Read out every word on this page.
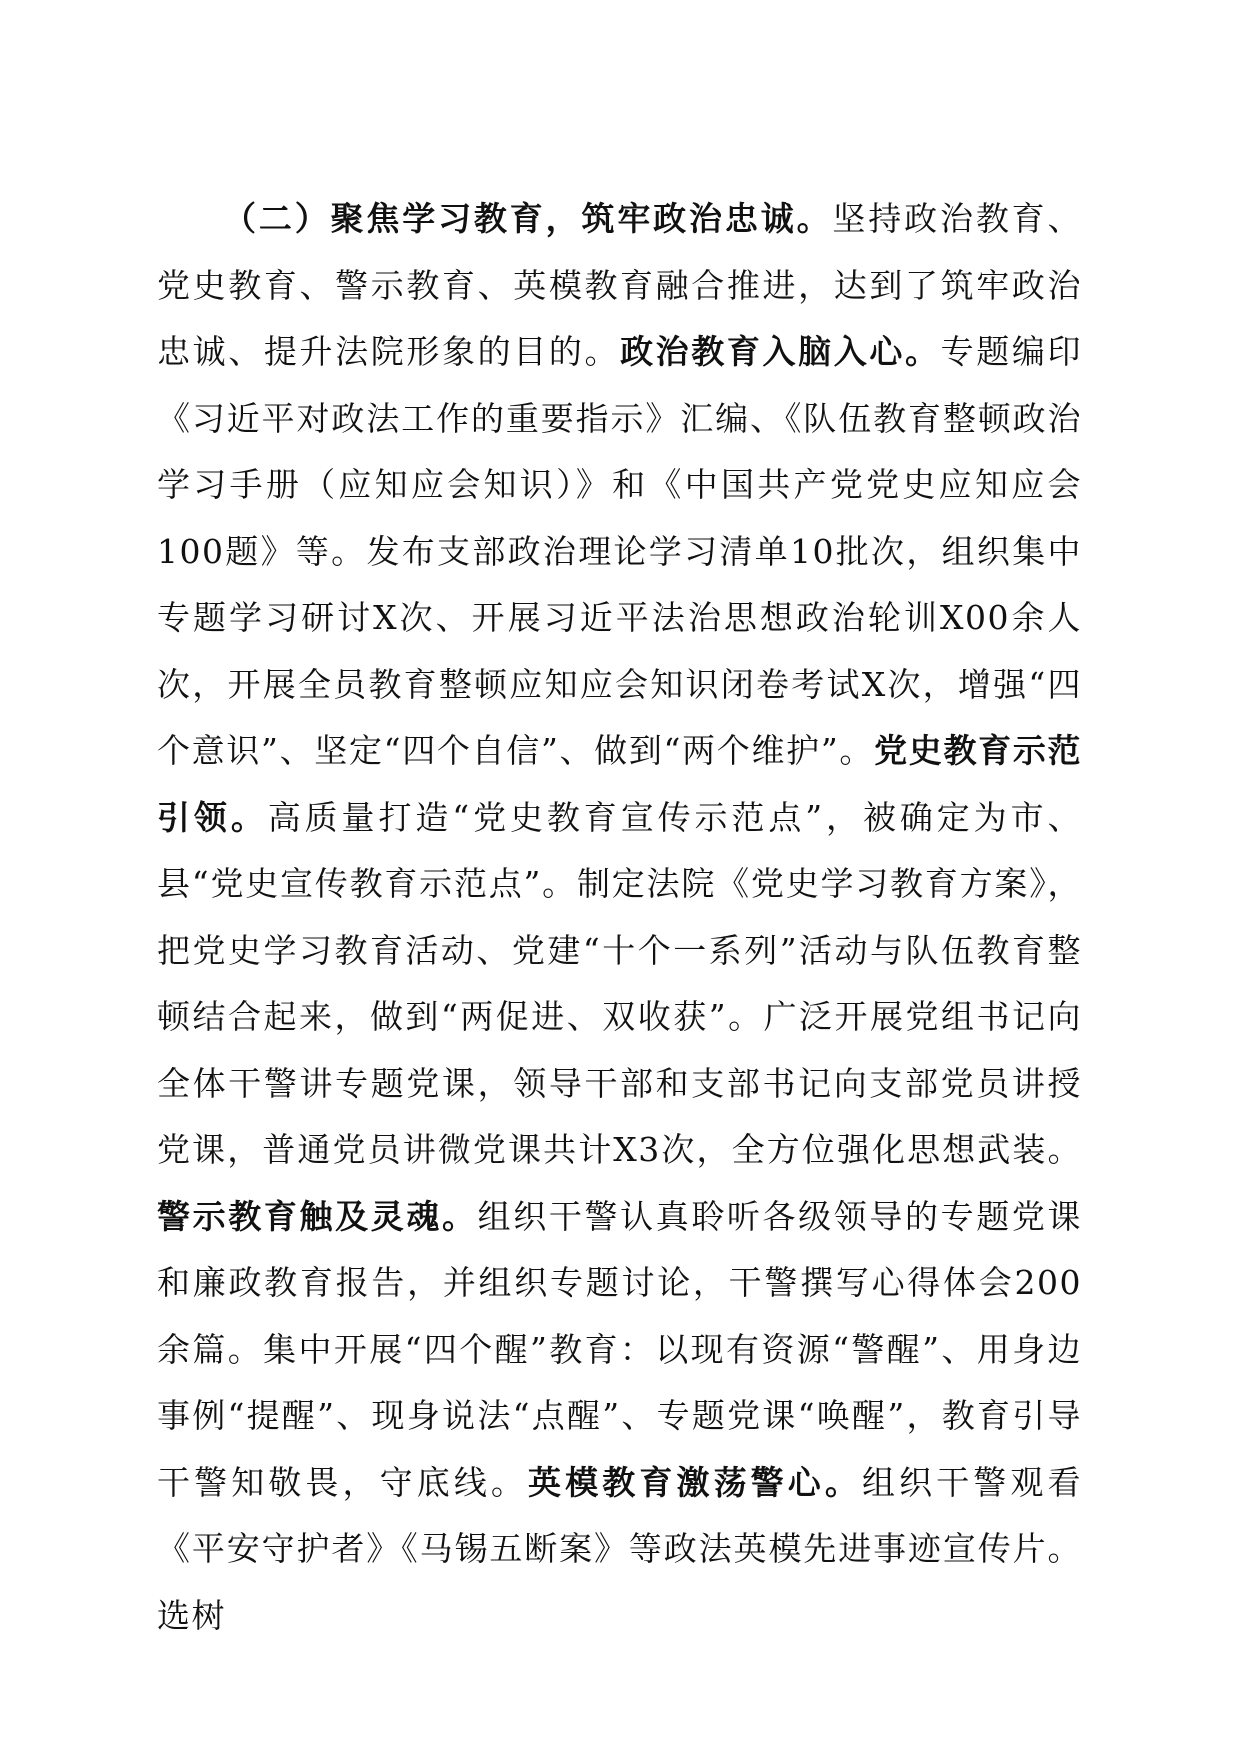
（二）聚焦学习教育，筑牢政治忠诚。坚持政治教育、党史教育、警示教育、英模教育融合推进，达到了筑牢政治忠诚、提升法院形象的目的。政治教育入脑入心。专题编印《习近平对政法工作的重要指示》汇编、《队伍教育整顿政治学习手册（应知应会知识）》和《中国共产党党史应知应会100题》等。发布支部政治理论学习清单10批次，组织集中专题学习研讨X次、开展习近平法治思想政治轮训X00余人次，开展全员教育整顿应知应会知识闭卷考试X次，增强“四个意识”、坚定“四个自信”、做到“两个维护”。党史教育示范引领。高质量打造“党史教育宣传示范点”，被确定为市、县“党史宣传教育示范点”。制定法院《党史学习教育方案》，把党史学习教育活动、党建“十个一系列”活动与队伍教育整顿结合起来，做到“两促进、双收获”。广泛开展党组书记向全体干警讲专题党课，领导干部和支部书记向支部党员讲授党课，普通党员讲微党课共计X3次，全方位强化思想武装。警示教育触及灵魂。组织干警认真聆听各级领导的专题党课和廉政教育报告，并组织专题讨论，干警撰写心得体会200余篇。集中开展“四个醒”教育：以现有资源“警醒”、用身边事例“提醒”、现身说法“点醒”、专题党课“唤醒”，教育引导干警知敬畏，守底线。英模教育激荡警心。组织干警观看《平安守护者》《马锡五断案》等政法英模先进事迹宣传片。选树
